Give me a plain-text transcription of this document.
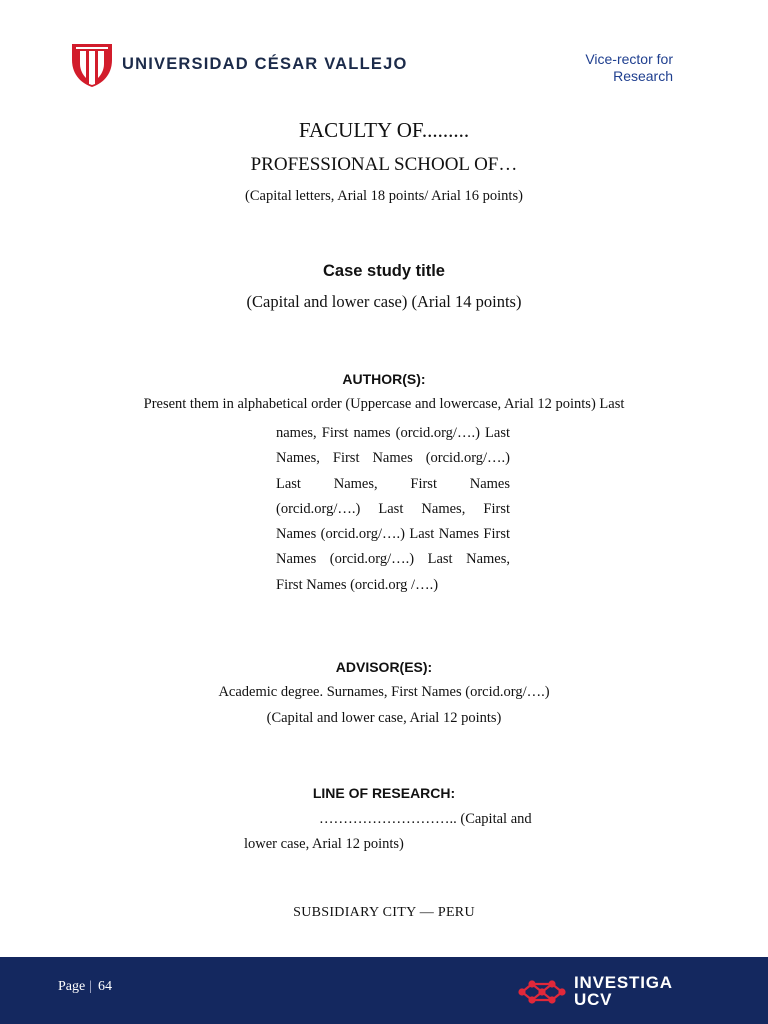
UNIVERSIDAD CÉSAR VALLEJO	Vice-rector for
Research
FACULTY OF.........
PROFESSIONAL SCHOOL OF…
(Capital letters, Arial 18 points/ Arial 16 points)
Case study title
(Capital and lower case) (Arial 14 points)
AUTHOR(S):
Present them in alphabetical order (Uppercase and lowercase, Arial 12 points) Last
names, First names (orcid.org/….) Last Names, First Names (orcid.org/….) Last Names, First Names (orcid.org/….) Last Names, First Names (orcid.org/….) Last Names First Names (orcid.org/….) Last Names, First Names (orcid.org /….)
ADVISOR(ES):
Academic degree. Surnames, First Names (orcid.org/….)
(Capital and lower case, Arial 12 points)
LINE OF RESEARCH:
……………………….. (Capital and
lower case, Arial 12 points)
SUBSIDIARY CITY — PERU
Page | 64	INVESTIGA
UCV
